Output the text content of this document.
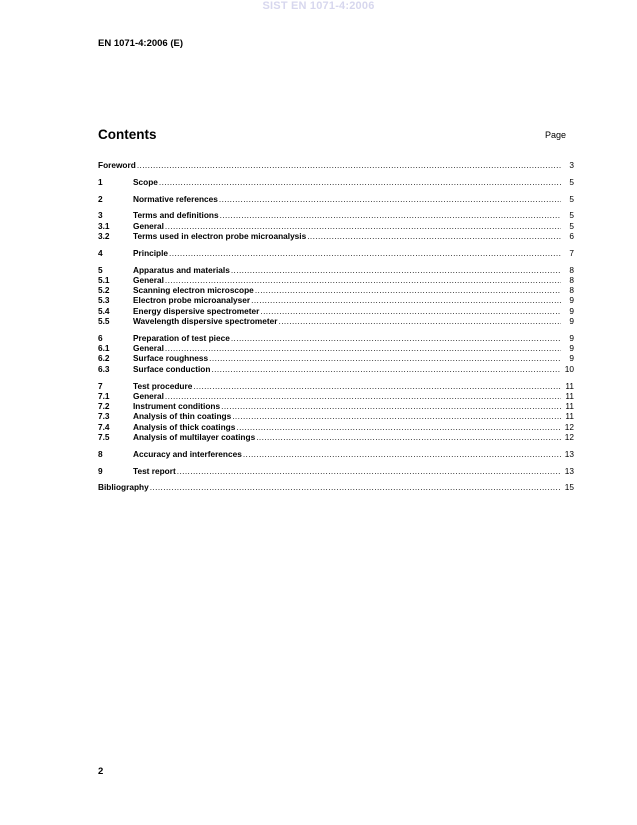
SIST EN 1071-4:2006
EN 1071-4:2006 (E)
Contents	Page
Foreword .....	3
1	Scope .....	5
2	Normative references .....	5
3	Terms and definitions .....	5
3.1	General .....	5
3.2	Terms used in electron probe microanalysis .....	6
4	Principle .....	7
5	Apparatus and materials .....	8
5.1	General .....	8
5.2	Scanning electron microscope .....	8
5.3	Electron probe microanalyser .....	9
5.4	Energy dispersive spectrometer .....	9
5.5	Wavelength dispersive spectrometer .....	9
6	Preparation of test piece .....	9
6.1	General .....	9
6.2	Surface roughness .....	9
6.3	Surface conduction .....	10
7	Test procedure .....	11
7.1	General .....	11
7.2	Instrument conditions .....	11
7.3	Analysis of thin coatings .....	11
7.4	Analysis of thick coatings .....	12
7.5	Analysis of multilayer coatings .....	12
8	Accuracy and interferences .....	13
9	Test report .....	13
Bibliography .....	15
2
